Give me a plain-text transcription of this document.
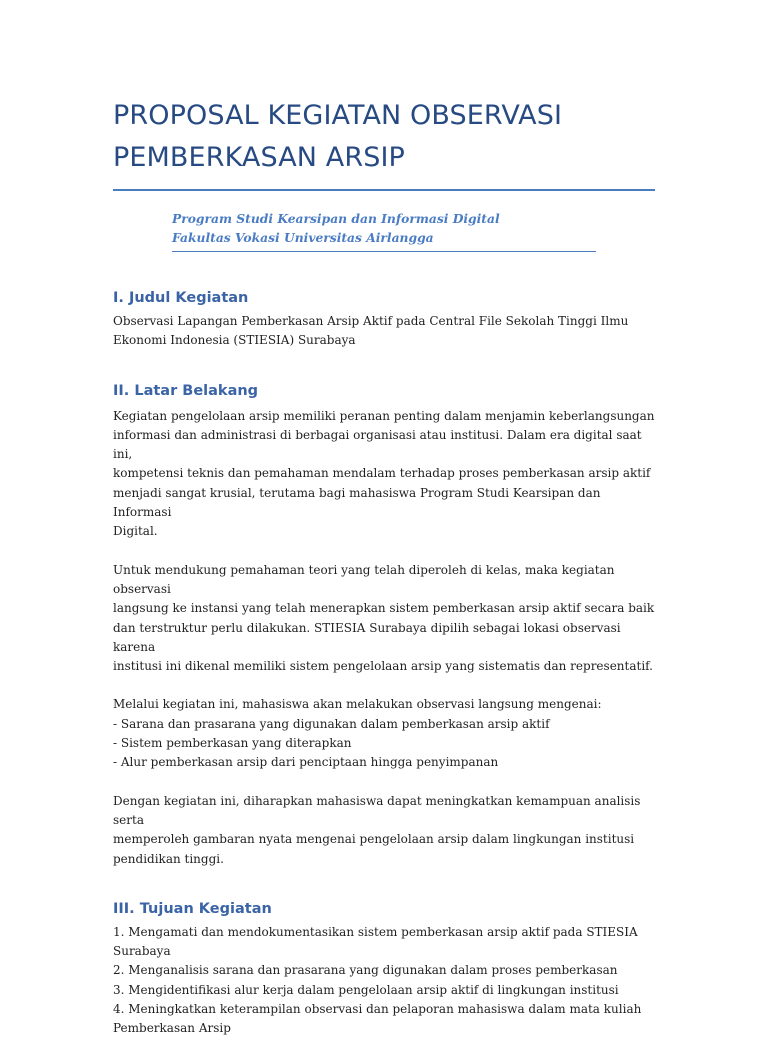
PROPOSAL KEGIATAN OBSERVASI
PEMBERKASAN ARSIP
Program Studi Kearsipan dan Informasi Digital
Fakultas Vokasi Universitas Airlangga
I. Judul Kegiatan

Observasi Lapangan Pemberkasan Arsip Aktif pada Central File Sekolah Tinggi Ilmu
Ekonomi Indonesia (STIESIA) Surabaya

II. Latar Belakang

Kegiatan pengelolaan arsip memiliki peranan penting dalam menjamin keberlangsungan
informasi dan administrasi di berbagai organisasi atau institusi. Dalam era digital saat ini,
kompetensi teknis dan pemahaman mendalam terhadap proses pemberkasan arsip aktif
menjadi sangat krusial, terutama bagi mahasiswa Program Studi Kearsipan dan Informasi
Digital.

Untuk mendukung pemahaman teori yang telah diperoleh di kelas, maka kegiatan observasi
langsung ke instansi yang telah menerapkan sistem pemberkasan arsip aktif secara baik
dan terstruktur perlu dilakukan. STIESIA Surabaya dipilih sebagai lokasi observasi karena
institusi ini dikenal memiliki sistem pengelolaan arsip yang sistematis dan representatif.

Melalui kegiatan ini, mahasiswa akan melakukan observasi langsung mengenai:
- Sarana dan prasarana yang digunakan dalam pemberkasan arsip aktif
- Sistem pemberkasan yang diterapkan
- Alur pemberkasan arsip dari penciptaan hingga penyimpanan

Dengan kegiatan ini, diharapkan mahasiswa dapat meningkatkan kemampuan analisis serta
memperoleh gambaran nyata mengenai pengelolaan arsip dalam lingkungan institusi
pendidikan tinggi.

III. Tujuan Kegiatan

1. Mengamati dan mendokumentasikan sistem pemberkasan arsip aktif pada STIESIA
Surabaya
2. Menganalisis sarana dan prasarana yang digunakan dalam proses pemberkasan
3. Mengidentifikasi alur kerja dalam pengelolaan arsip aktif di lingkungan institusi
4. Meningkatkan keterampilan observasi dan pelaporan mahasiswa dalam mata kuliah
Pemberkasan Arsip
